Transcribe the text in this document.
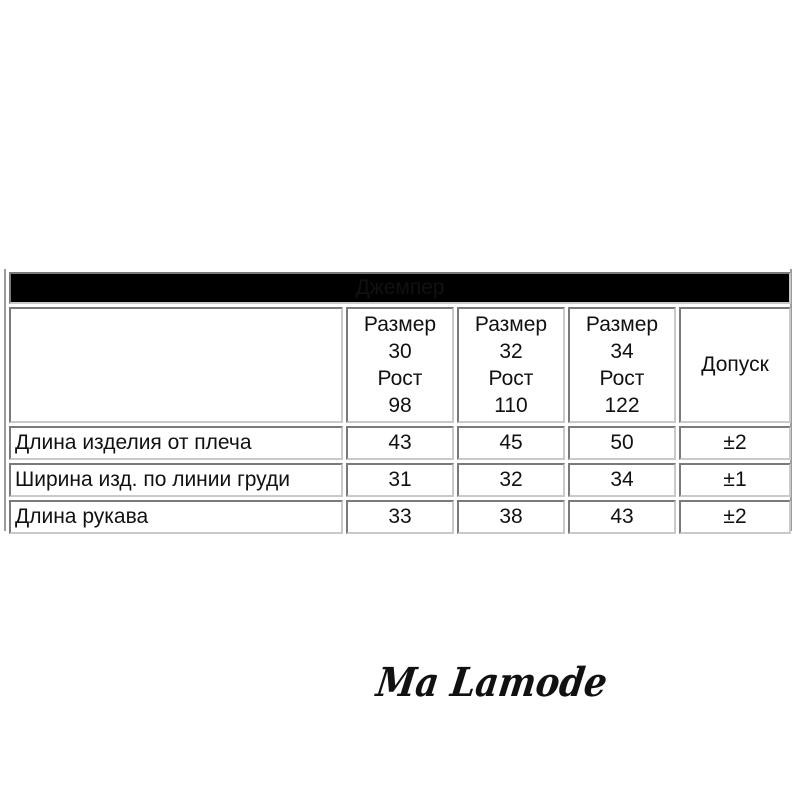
Джемпер				

	Размер
30
Рост
98	Размер
32
Рост
110	Размер
34
Рост
122	Допуск
Длина изделия от плеча	43	45	50	±2
Ширина изд. по линии груди	31	32	34	±1
Длина рукава	33	38	43	±2
Ma Lamode
